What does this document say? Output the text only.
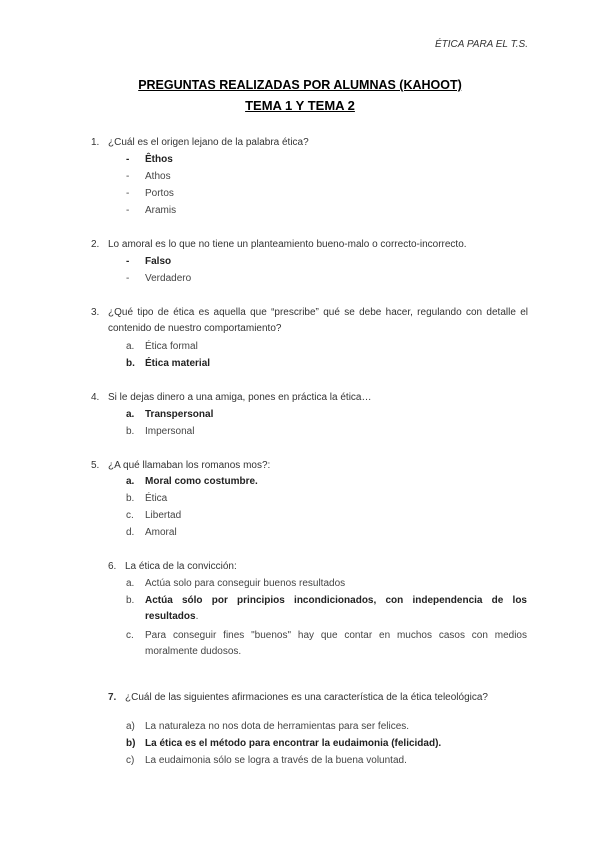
ÉTICA PARA EL T.S.
PREGUNTAS REALIZADAS POR ALUMNAS (KAHOOT)
TEMA 1 Y TEMA 2
1. ¿Cuál es el origen lejano de la palabra ética?
- Êthos
- Athos
- Portos
- Aramis
2. Lo amoral es lo que no tiene un planteamiento bueno-malo o correcto-incorrecto.
- Falso
- Verdadero
3. ¿Qué tipo de ética es aquella que “prescribe” qué se debe hacer, regulando con detalle el contenido de nuestro comportamiento?
a. Ética formal
b. Ética material
4. Si le dejas dinero a una amiga, pones en práctica la ética…
a. Transpersonal
b. Impersonal
5. ¿A qué llamaban los romanos mos?:
a. Moral como costumbre.
b. Ética
c. Libertad
d. Amoral
6. La ética de la convicción:
a. Actúa solo para conseguir buenos resultados
b. Actúa sólo por principios incondicionados, con independencia de los resultados.
c. Para conseguir fines "buenos" hay que contar en muchos casos con medios moralmente dudosos.
7. ¿Cuál de las siguientes afirmaciones es una característica de la ética teleológica?
a) La naturaleza no nos dota de herramientas para ser felices.
b) La ética es el método para encontrar la eudaimonia (felicidad).
c) La eudaimonia sólo se logra a través de la buena voluntad.
